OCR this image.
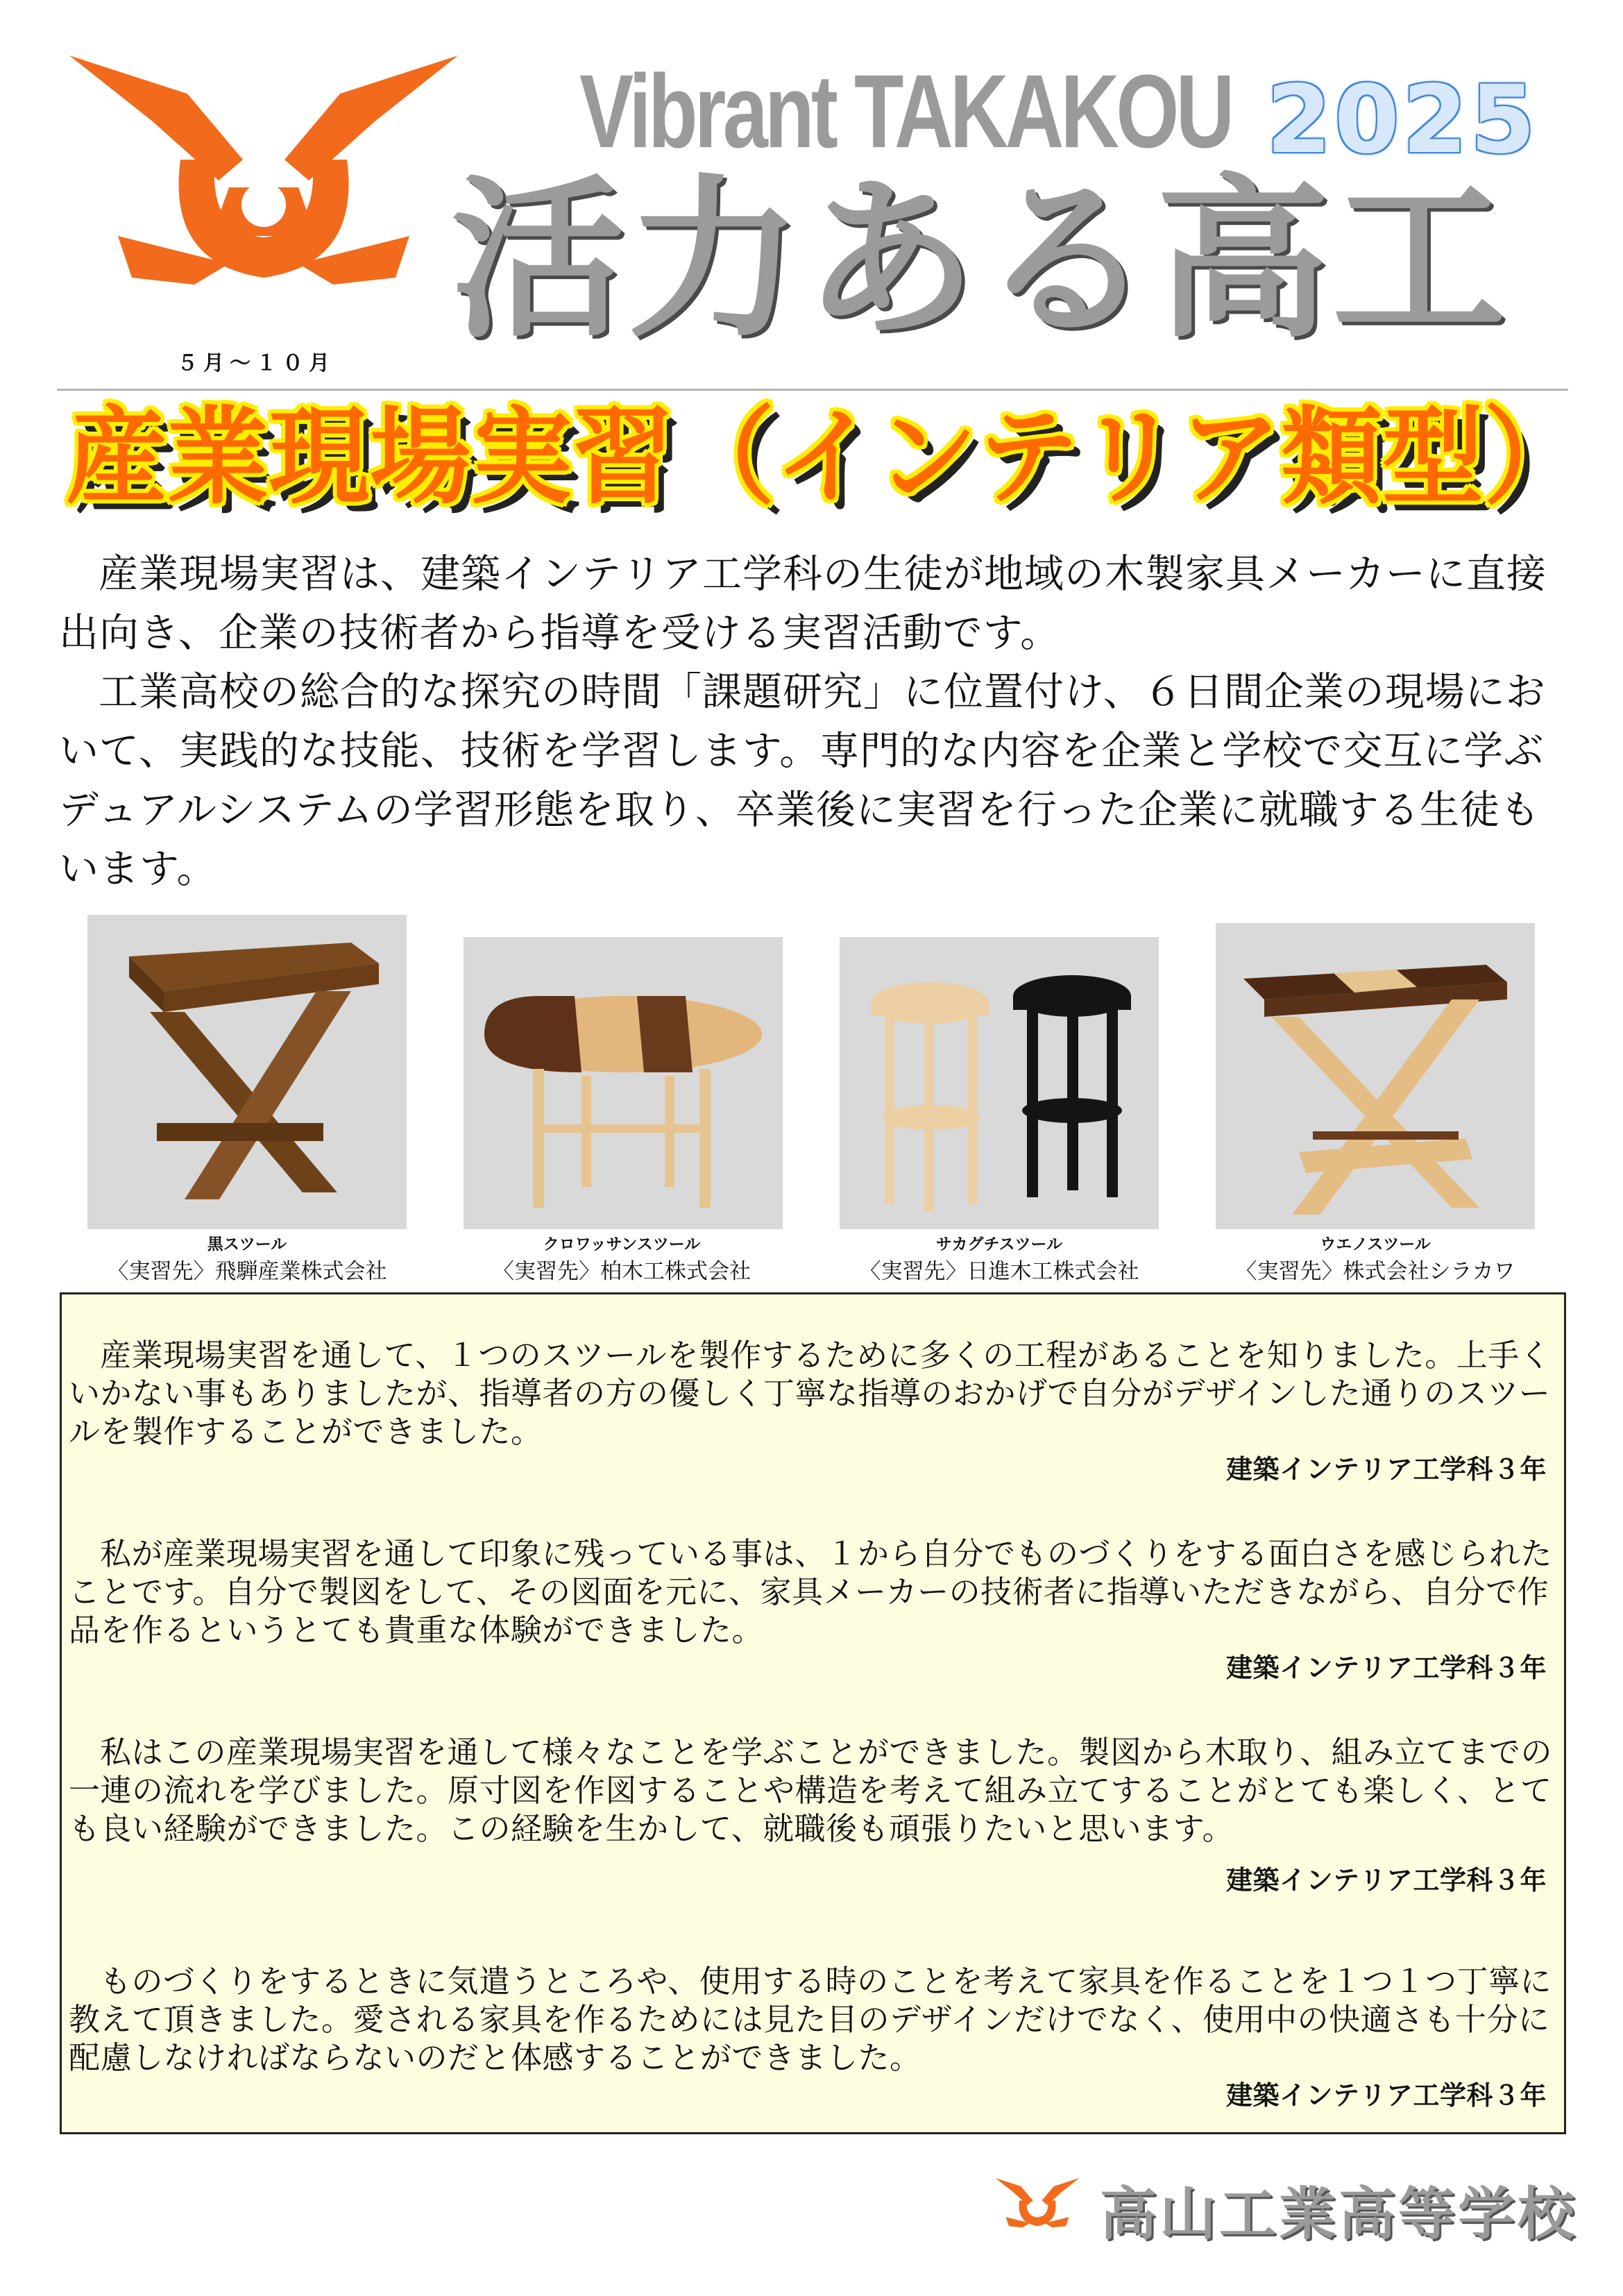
Vibrant TAKAKOU 2025
活力ある高工
５月～１０月
産業現場実習（インテリア類型）

産業現場実習は、建築インテリア工学科の生徒が地域の木製家具メーカーに直接出向き、企業の技術者から指導を受ける実習活動です。

工業高校の総合的な探究の時間「課題研究」に位置付け、６日間企業の現場において、実践的な技能、技術を学習します。専門的な内容を企業と学校で交互に学ぶデュアルシステムの学習形態を取り、卒業後に実習を行った企業に就職する生徒もいます。

黒スツール
〈実習先〉飛騨産業株式会社
クロワッサンスツール
〈実習先〉柏木工株式会社
サカグチスツール
〈実習先〉日進木工株式会社
ウエノスツール
〈実習先〉株式会社シラカワ

産業現場実習を通して、１つのスツールを製作するために多くの工程があることを知りました。上手くいかない事もありましたが、指導者の方の優しく丁寧な指導のおかげで自分がデザインした通りのスツールを製作することができました。

建築インテリア工学科３年

私が産業現場実習を通して印象に残っている事は、１から自分でものづくりをする面白さを感じられたことです。自分で製図をして、その図面を元に、家具メーカーの技術者に指導いただきながら、自分で作品を作るというとても貴重な体験ができました。

建築インテリア工学科３年

私はこの産業現場実習を通して様々なことを学ぶことができました。製図から木取り、組み立てまでの一連の流れを学びました。原寸図を作図することや構造を考えて組み立てすることがとても楽しく、とても良い経験ができました。この経験を生かして、就職後も頑張りたいと思います。

建築インテリア工学科３年

ものづくりをするときに気遣うところや、使用する時のことを考えて家具を作ることを１つ１つ丁寧に教えて頂きました。愛される家具を作るためには見た目のデザインだけでなく、使用中の快適さも十分に配慮しなければならないのだと体感することができました。

建築インテリア工学科３年
高山工業高等学校
